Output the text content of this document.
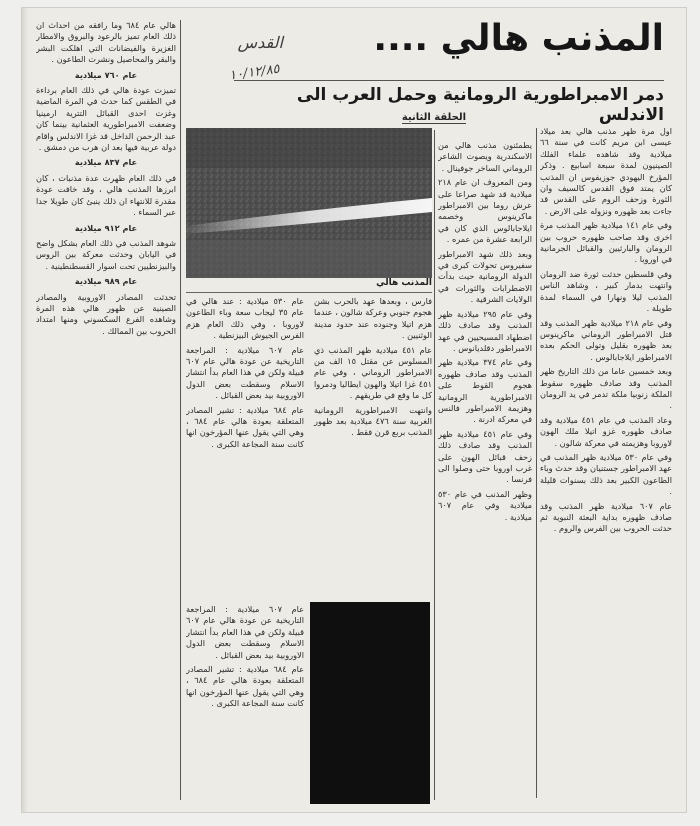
المذنب هالي ....
القدس
١٠/١٢/٨٥
دمر الامبراطورية الرومانية وحمل العرب الى الاندلس
الحلقة الثانية

اول مرة ظهر مذنب هالي بعد ميلاد عيسى ابن مريم كانت في سنة ٦٦ ميلادية وقد شاهده علماء الفلك الصينيون لمدة سبعة اسابيع . وذكر المؤرخ اليهودي جوزيفوس ان المذنب كان يمتد فوق القدس كالسيف وان الثورة وزحف الروم على القدس قد جاءت بعد ظهوره ونزوله على الارض .

وفي عام ١٤١ ميلادية ظهر المذنب مرة اخرى وقد صاحب ظهوره حروب بين الرومان والبارثيين والقبائل الجرمانية في اوروبا .

وفي قلسطين حدثت ثورة ضد الرومان وانتهت بدمار كبير ، وشاهد الناس المذنب ليلا ونهارا في السماء لمدة طويلة .

وفي عام ٢١٨ ميلادية ظهر المذنب وقد قتل الامبراطور الروماني ماكرينوس بعد ظهوره بقليل وتولى الحكم بعده الامبراطور ايلاجابالوس .

وبعد خمسين عاما من ذلك التاريخ ظهر المذنب وقد صادف ظهوره سقوط الملكة زنوبيا ملكة تدمر في يد الرومان .

وعاد المذنب في عام ٤٥١ ميلادية وقد صادف ظهوره غزو اتيلا ملك الهون لاوروبا وهزيمته في معركة شالون .

وفي عام ٥٣٠ ميلادية ظهر المذنب في عهد الامبراطور جستنيان وقد حدث وباء الطاعون الكبير بعد ذلك بسنوات قليلة .

عام ٦٠٧ ميلادية ظهر المذنب وقد صادف ظهوره بداية البعثة النبوية ثم حدثت الحروب بين الفرس والروم .

يطمئنون مذنب هالي من الاسكندرية ويصوت الشاعر الروماني الساخر جوفينال .

ومن المعروف ان عام ٢١٨ ميلادية قد شهد صراعا على عرش روما بين الامبراطور ماكرينوس وخصمه ايلاجابالوس الذي كان في الرابعة عشرة من عمره .

وبعد ذلك شهد الامبراطور سفيروس تحولات كبرى في الدولة الرومانية حيث بدأت الاضطرابات والثورات في الولايات الشرقية .

وفي عام ٢٩٥ ميلادية ظهر المذنب وقد صادف ذلك اضطهاد المسيحيين في عهد الامبراطور دقلديانوس .

وفي عام ٣٧٤ ميلادية ظهر المذنب وقد صادف ظهوره هجوم القوط على الامبراطورية الرومانية وهزيمة الامبراطور فالنس في معركة ادرنة .

وفي عام ٤٥١ ميلادية ظهر المذنب وقد صادف ذلك زحف قبائل الهون على غرب اوروبا حتى وصلوا الى فرنسا .

وظهر المذنب في عام ٥٣٠ ميلادية وفي عام ٦٠٧ ميلادية .

المذنب هالي

فارس ، وبعدها عهد بالحرب بشن هجوم جنوبي وعركة شالون ، عندما هزم اتيلا وجنوده عند حدود مدينة الوثنيين .

عام ٤٥١ ميلادية ظهر المذنب ذي المسلوس عن مقتل ١٥ الف من الامبراطور الروماني ، وفي عام ٤٥١ غزا اتيلا والهون ايطاليا ودمروا كل ما وقع في طريقهم .

وانتهت الامبراطورية الرومانية الغربية سنة ٤٧٦ ميلادية بعد ظهور المذنب بربع قرن فقط .

عام ٥٣٠ ميلادية : عند هالي في عام ٣٥ ليجاب سعة وباء الطاعون لاوروبا ، وفي ذلك العام هزم الفرس الجيوش البيزنطية .

عام ٦٠٧ ميلادية : المراجعة التاريخية عن عودة هالي عام ٦٠٧ قبيلة ولكن في هذا العام بدأ انتشار الاسلام وسقطت بعض الدول الاوروبية بيد بعض القبائل .

عام ٦٨٤ ميلادية : تشير المصادر المتعلقة بعودة هالي عام ٦٨٤ ، وهي التي يقول عنها المؤرخون انها كانت سنة المجاعة الكبرى .

عام ٦٠٧ ميلادية : المراجعة التاريخية عن عودة هالي عام ٦٠٧ قبيلة ولكن في هذا العام بدأ انتشار الاسلام وسقطت بعض الدول الاوروبية بيد بعض القبائل .

عام ٦٨٤ ميلادية : تشير المصادر المتعلقة بعودة هالي عام ٦٨٤ ، وهي التي يقول عنها المؤرخون انها كانت سنة المجاعة الكبرى .

هالي عام ٦٨٤ وما رافقه من احداث ان ذلك العام تميز بالرعود والبروق والامطار الغزيرة والفيضانات التي اهلكت البشر والبقر والمحاصيل ونشرت الطاعون .

عام ٧٦٠ ميلادية

تميزت عودة هالي في ذلك العام برداءة في الطقس كما حدث في المرة الماضية وغزت احدى القبائل التترية ارمينيا وضعفت الامبراطورية العثمانية بينما كان عبد الرحمن الداخل قد غزا الاندلس واقام دولة عربية فيها بعد ان هرب من دمشق .

عام ٨٣٧ ميلادية

في ذلك العام ظهرت عدة مذنبات ، كان ابرزها المذنب هالي ، وقد خافت عودة مقدرة للانتهاء ان ذلك ينبئ كان طويلا جدا عبر السماء .

عام ٩١٢ ميلادية

شوهد المذنب في ذلك العام بشكل واضح في اليابان وحدثت معركة بين الروس والبيزنطيين تحت اسوار القسطنطينية .

عام ٩٨٩ ميلادية

تحدثت المصادر الاوروبية والمصادر الصينية عن ظهور هالي هذه المرة وشاهده الفرع السكسوني ومنها امتداد الحروب بين الممالك .
